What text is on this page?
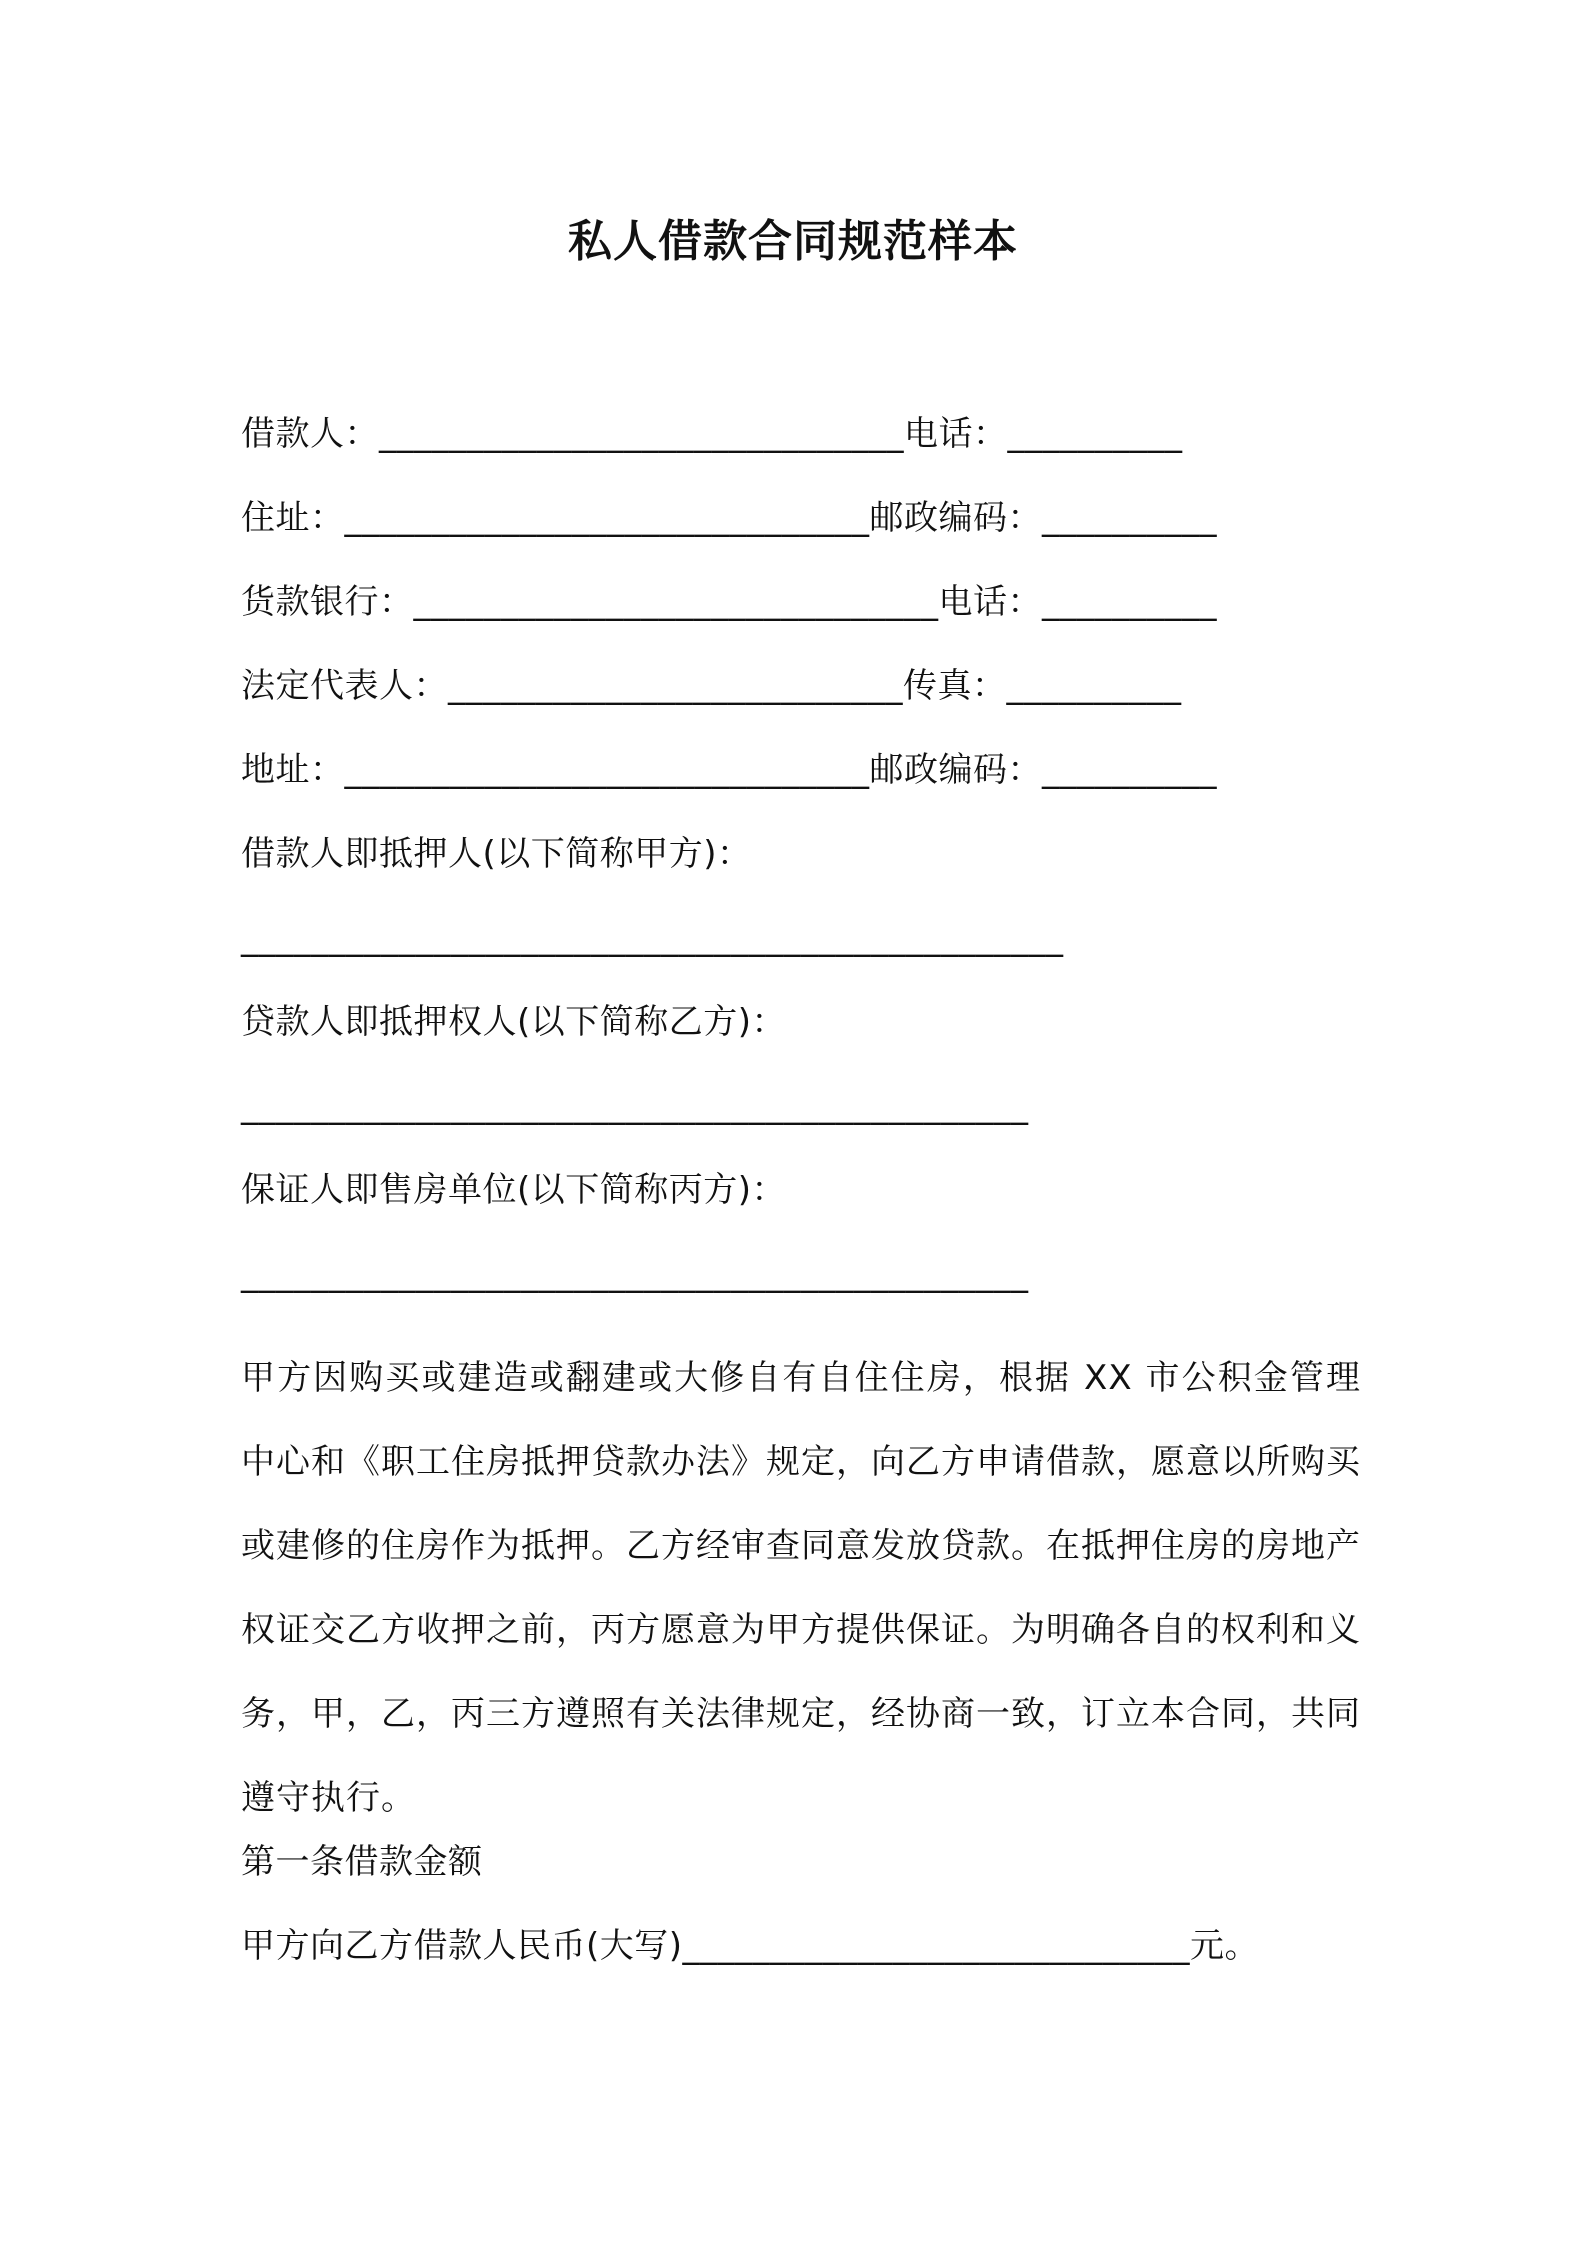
私人借款合同规范样本
借款人：______________________________电话：__________
住址：______________________________邮政编码：__________
货款银行：______________________________电话：__________
法定代表人：__________________________传真：__________
地址：______________________________邮政编码：__________
借款人即抵押人(以下简称甲方)：
_______________________________________________
贷款人即抵押权人(以下简称乙方)：
_____________________________________________
保证人即售房单位(以下简称丙方)：
_____________________________________________
甲方因购买或建造或翻建或大修自有自住住房，根据 XX 市公积金管理中心和《职工住房抵押贷款办法》规定，向乙方申请借款，愿意以所购买或建修的住房作为抵押。乙方经审查同意发放贷款。在抵押住房的房地产权证交乙方收押之前，丙方愿意为甲方提供保证。为明确各自的权利和义务，甲，乙，丙三方遵照有关法律规定，经协商一致，订立本合同，共同遵守执行。
第一条借款金额
甲方向乙方借款人民币(大写)_____________________________元。
